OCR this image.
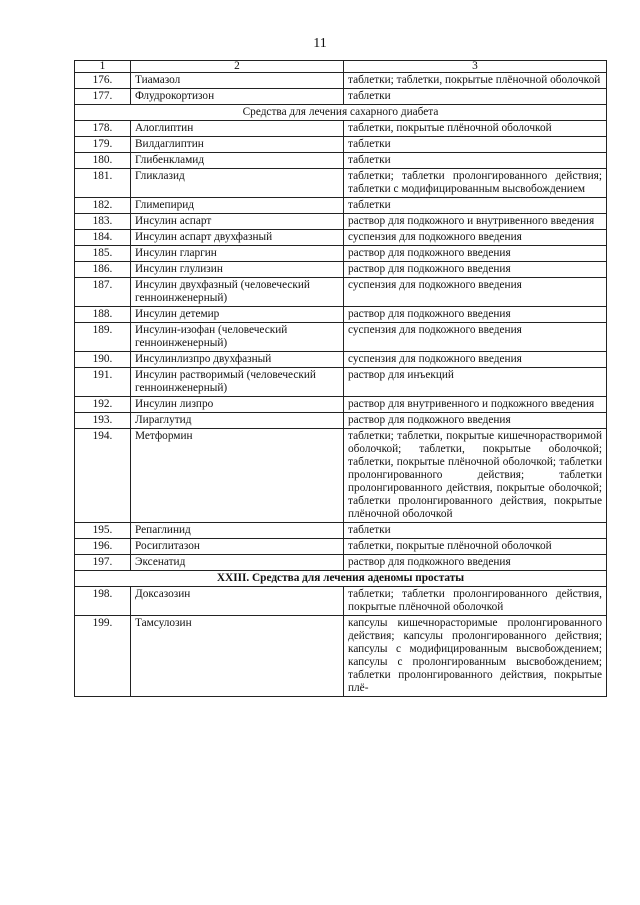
11
1	2	3
176.	Тиамазол	таблетки; таблетки, покрытые плёночной оболочкой
177.	Флудрокортизон	таблетки
Средства для лечения сахарного диабета		
178.	Алоглиптин	таблетки, покрытые плёночной оболочкой
179.	Вилдаглиптин	таблетки
180.	Глибенкламид	таблетки
181.	Гликлазид	таблетки; таблетки пролонгированного действия; таблетки с модифицированным высвобождением
182.	Глимепирид	таблетки
183.	Инсулин аспарт	раствор для подкожного и внутривенного введения
184.	Инсулин аспарт двухфазный	суспензия для подкожного введения
185.	Инсулин гларгин	раствор для подкожного введения
186.	Инсулин глулизин	раствор для подкожного введения
187.	Инсулин двухфазный (человеческий генноинженерный)	суспензия для подкожного введения
188.	Инсулин детемир	раствор для подкожного введения
189.	Инсулин-изофан (человеческий генноинженерный)	суспензия для подкожного введения
190.	Инсулинлизпро двухфазный	суспензия для подкожного введения
191.	Инсулин растворимый (человеческий генноинженерный)	раствор для инъекций
192.	Инсулин лизпро	раствор для внутривенного и подкожного введения
193.	Лираглутид	раствор для подкожного введения
194.	Метформин	таблетки; таблетки, покрытые кишечнорастворимой оболочкой; таблетки, покрытые оболочкой; таблетки, покрытые плёночной оболочкой; таблетки пролонгированного действия; таблетки пролонгированного действия, покрытые оболочкой; таблетки пролонгированного действия, покрытые плёночной оболочкой
195.	Репаглинид	таблетки
196.	Росиглитазон	таблетки, покрытые плёночной оболочкой
197.	Эксенатид	раствор для подкожного введения
XXIII. Средства для лечения аденомы простаты		
198.	Доксазозин	таблетки; таблетки пролонгированного действия, покрытые плёночной оболочкой
199.	Тамсулозин	капсулы кишечнорасторимые пролонгированного действия; капсулы пролонгированного действия; капсулы с модифицированным высвобождением; капсулы с пролонгированным высвобождением; таблетки пролонгированного действия, покрытые плё-
